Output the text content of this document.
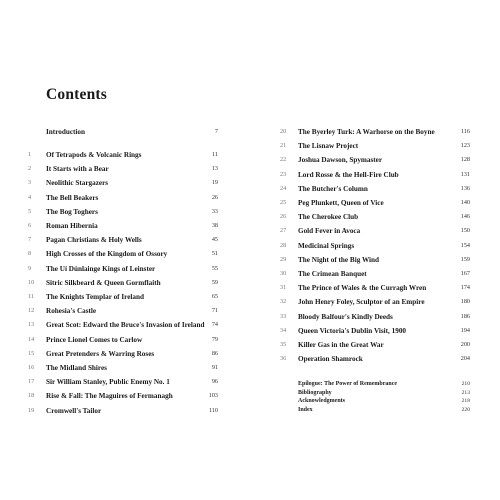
Contents
Introduction	7
1	Of Tetrapods & Volcanic Rings	11
2	It Starts with a Bear	13
3	Neolithic Stargazers	19
4	The Bell Beakers	26
5	The Bog Toghers	33
6	Roman Hibernia	38
7	Pagan Christians & Holy Wells	45
8	High Crosses of the Kingdom of Ossory	51
9	The Uí Dúnlainge Kings of Leinster	55
10	Sitric Silkbeard & Queen Gormflaith	59
11	The Knights Templar of Ireland	65
12	Rohesia's Castle	71
13	Great Scot: Edward the Bruce's Invasion of Ireland	74
14	Prince Lionel Comes to Carlow	79
15	Great Pretenders & Warring Roses	86
16	The Midland Shires	91
17	Sir William Stanley, Public Enemy No. 1	96
18	Rise & Fall: The Maguires of Fermanagh	103
19	Cromwell's Tailor	110
20	The Byerley Turk: A Warhorse on the Boyne	116
21	The Lisnaw Project	123
22	Joshua Dawson, Spymaster	128
23	Lord Rosse & the Hell-Fire Club	131
24	The Butcher's Column	136
25	Peg Plunkett, Queen of Vice	140
26	The Cherokee Club	146
27	Gold Fever in Avoca	150
28	Medicinal Springs	154
29	The Night of the Big Wind	159
30	The Crimean Banquet	167
31	The Prince of Wales & the Curragh Wren	174
32	John Henry Foley, Sculptor of an Empire	180
33	Bloody Balfour's Kindly Deeds	186
34	Queen Victoria's Dublin Visit, 1900	194
35	Killer Gas in the Great War	200
36	Operation Shamrock	204
Epilogue: The Power of Remembrance	210
Bibliography	213
Acknowledgments	218
Index	220
